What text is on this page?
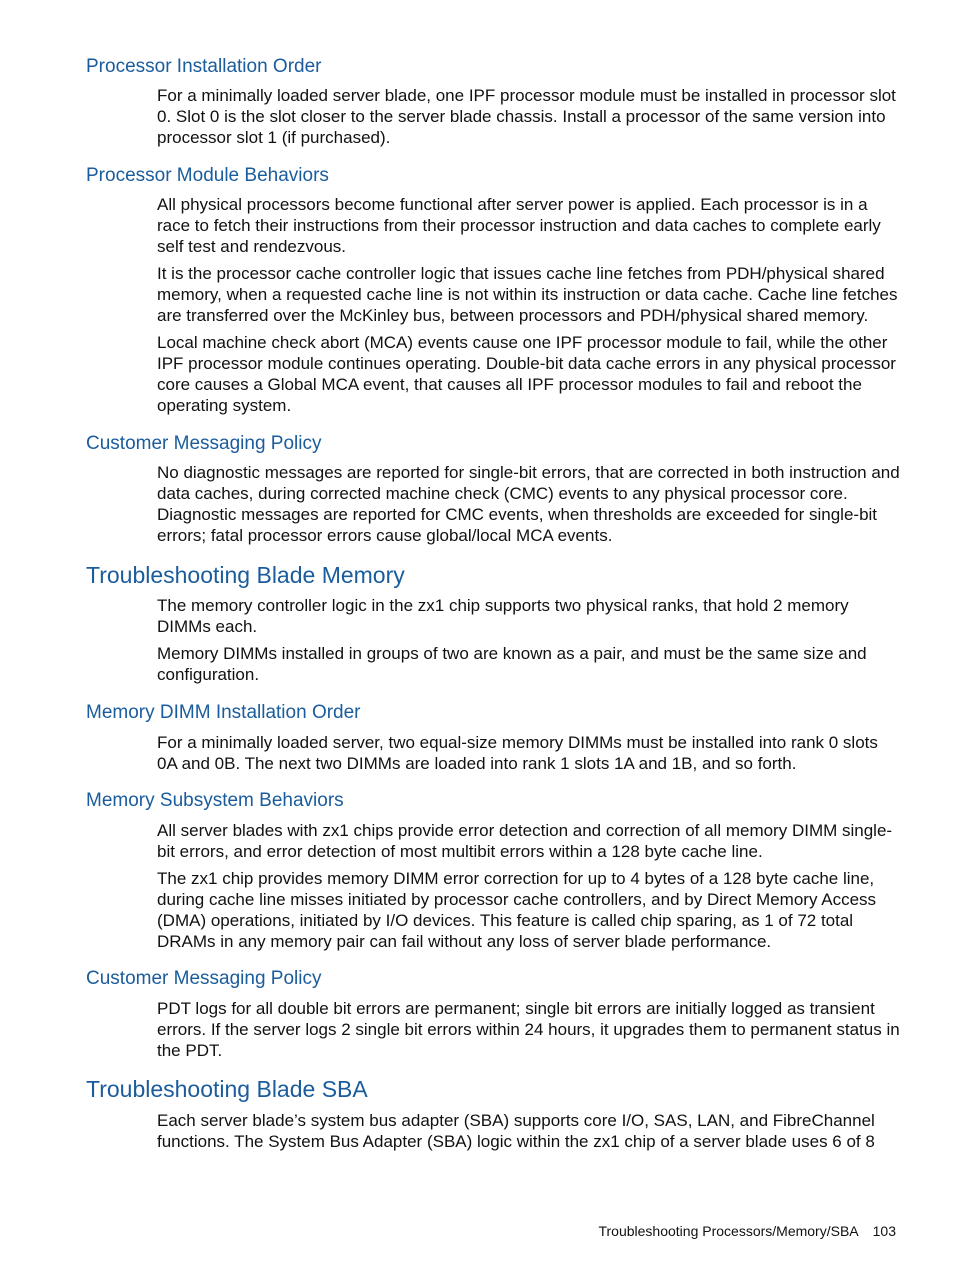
Processor Installation Order

For a minimally loaded server blade, one IPF processor module must be installed in processor slot 0. Slot 0 is the slot closer to the server blade chassis. Install a processor of the same version into processor slot 1 (if purchased).

Processor Module Behaviors

All physical processors become functional after server power is applied. Each processor is in a race to fetch their instructions from their processor instruction and data caches to complete early self test and rendezvous.

It is the processor cache controller logic that issues cache line fetches from PDH/physical shared memory, when a requested cache line is not within its instruction or data cache. Cache line fetches are transferred over the McKinley bus, between processors and PDH/physical shared memory.

Local machine check abort (MCA) events cause one IPF processor module to fail, while the other IPF processor module continues operating. Double-bit data cache errors in any physical processor core causes a Global MCA event, that causes all IPF processor modules to fail and reboot the operating system.

Customer Messaging Policy

No diagnostic messages are reported for single-bit errors, that are corrected in both instruction and data caches, during corrected machine check (CMC) events to any physical processor core. Diagnostic messages are reported for CMC events, when thresholds are exceeded for single-bit errors; fatal processor errors cause global/local MCA events.

Troubleshooting Blade Memory

The memory controller logic in the zx1 chip supports two physical ranks, that hold 2 memory DIMMs each.

Memory DIMMs installed in groups of two are known as a pair, and must be the same size and configuration.

Memory DIMM Installation Order

For a minimally loaded server, two equal-size memory DIMMs must be installed into rank 0 slots 0A and 0B. The next two DIMMs are loaded into rank 1 slots 1A and 1B, and so forth.

Memory Subsystem Behaviors

All server blades with zx1 chips provide error detection and correction of all memory DIMM single-bit errors, and error detection of most multibit errors within a 128 byte cache line.

The zx1 chip provides memory DIMM error correction for up to 4 bytes of a 128 byte cache line, during cache line misses initiated by processor cache controllers, and by Direct Memory Access (DMA) operations, initiated by I/O devices. This feature is called chip sparing, as 1 of 72 total DRAMs in any memory pair can fail without any loss of server blade performance.

Customer Messaging Policy

PDT logs for all double bit errors are permanent; single bit errors are initially logged as transient errors. If the server logs 2 single bit errors within 24 hours, it upgrades them to permanent status in the PDT.

Troubleshooting Blade SBA

Each server blade’s system bus adapter (SBA) supports core I/O, SAS, LAN, and FibreChannel functions. The System Bus Adapter (SBA) logic within the zx1 chip of a server blade uses 6 of 8

Troubleshooting Processors/Memory/SBA 103
